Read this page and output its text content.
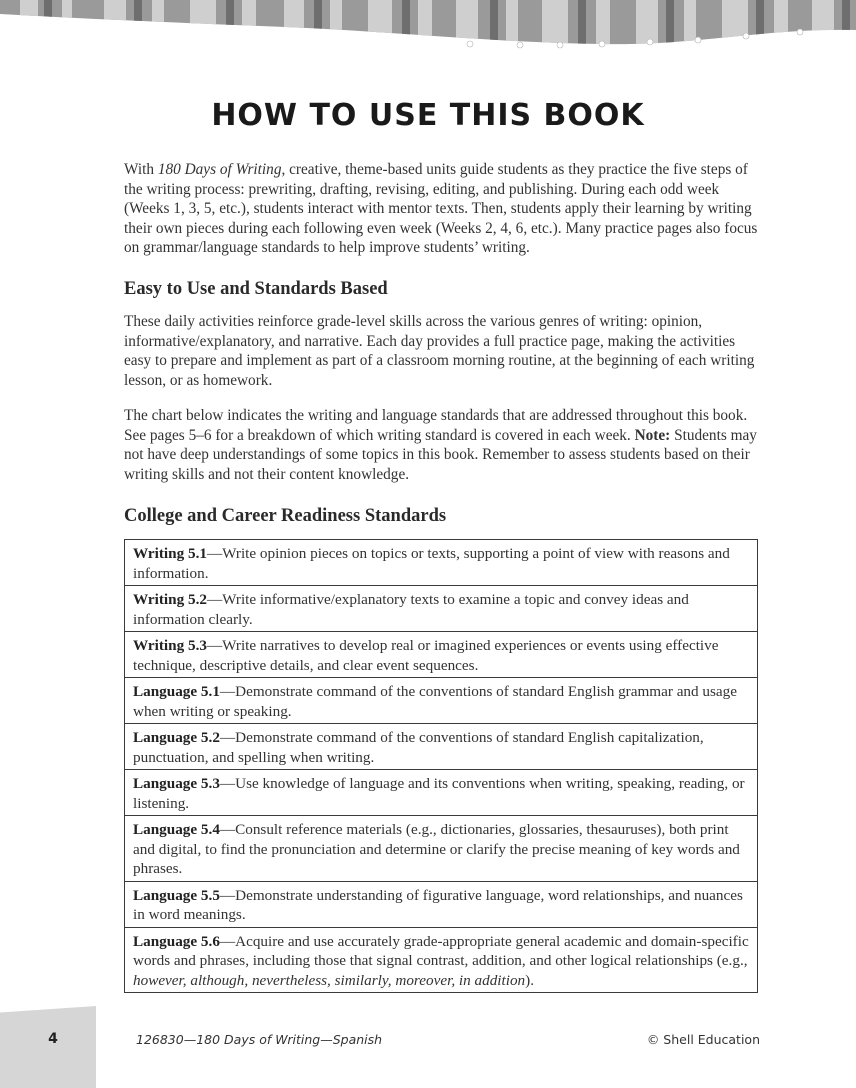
HOW TO USE THIS BOOK

With 180 Days of Writing, creative, theme-based units guide students as they practice the five steps of the writing process: prewriting, drafting, revising, editing, and publishing. During each odd week (Weeks 1, 3, 5, etc.), students interact with mentor texts. Then, students apply their learning by writing their own pieces during each following even week (Weeks 2, 4, 6, etc.). Many practice pages also focus on grammar/language standards to help improve students’ writing.

Easy to Use and Standards Based

These daily activities reinforce grade-level skills across the various genres of writing: opinion, informative/explanatory, and narrative. Each day provides a full practice page, making the activities easy to prepare and implement as part of a classroom morning routine, at the beginning of each writing lesson, or as homework.

The chart below indicates the writing and language standards that are addressed throughout this book. See pages 5–6 for a breakdown of which writing standard is covered in each week. Note: Students may not have deep understandings of some topics in this book. Remember to assess students based on their writing skills and not their content knowledge.

College and Career Readiness Standards
Writing 5.1—Write opinion pieces on topics or texts, supporting a point of view with reasons and information.
Writing 5.2—Write informative/explanatory texts to examine a topic and convey ideas and information clearly.
Writing 5.3—Write narratives to develop real or imagined experiences or events using effective technique, descriptive details, and clear event sequences.
Language 5.1—Demonstrate command of the conventions of standard English grammar and usage when writing or speaking.
Language 5.2—Demonstrate command of the conventions of standard English capitalization, punctuation, and spelling when writing.
Language 5.3—Use knowledge of language and its conventions when writing, speaking, reading, or listening.
Language 5.4—Consult reference materials (e.g., dictionaries, glossaries, thesauruses), both print and digital, to find the pronunciation and determine or clarify the precise meaning of key words and phrases.
Language 5.5—Demonstrate understanding of figurative language, word relationships, and nuances in word meanings.
Language 5.6—Acquire and use accurately grade-appropriate general academic and domain-specific words and phrases, including those that signal contrast, addition, and other logical relationships (e.g., however, although, nevertheless, similarly, moreover, in addition).
4	126830—180 Days of Writing—Spanish	© Shell Education
